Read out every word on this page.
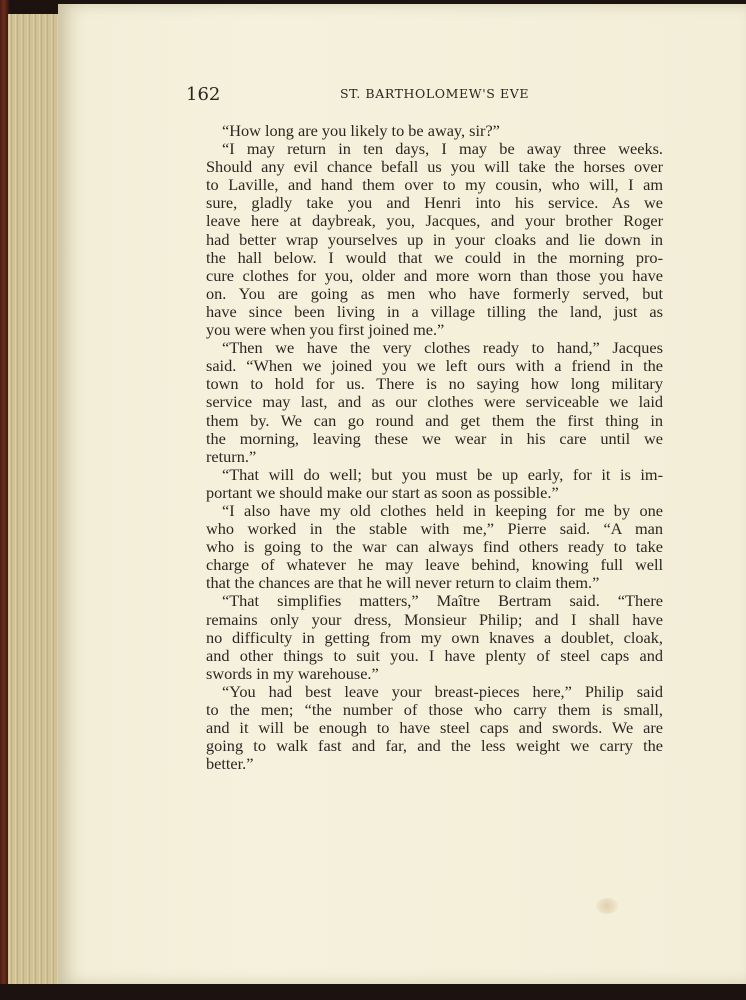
162	ST. BARTHOLOMEW'S EVE

“How long are you likely to be away, sir?”

“I may return in ten days, I may be away three weeks.
Should any evil chance befall us you will take the horses over
to Laville, and hand them over to my cousin, who will, I am
sure, gladly take you and Henri into his service. As we
leave here at daybreak, you, Jacques, and your brother Roger
had better wrap yourselves up in your cloaks and lie down in
the hall below. I would that we could in the morning pro-
cure clothes for you, older and more worn than those you have
on. You are going as men who have formerly served, but
have since been living in a village tilling the land, just as
you were when you first joined me.”

“Then we have the very clothes ready to hand,” Jacques
said. “When we joined you we left ours with a friend in the
town to hold for us. There is no saying how long military
service may last, and as our clothes were serviceable we laid
them by. We can go round and get them the first thing in
the morning, leaving these we wear in his care until we
return.”

“That will do well; but you must be up early, for it is im-
portant we should make our start as soon as possible.”

“I also have my old clothes held in keeping for me by one
who worked in the stable with me,” Pierre said. “A man
who is going to the war can always find others ready to take
charge of whatever he may leave behind, knowing full well
that the chances are that he will never return to claim them.”

“That simplifies matters,” Maître Bertram said. “There
remains only your dress, Monsieur Philip; and I shall have
no difficulty in getting from my own knaves a doublet, cloak,
and other things to suit you. I have plenty of steel caps and
swords in my warehouse.”

“You had best leave your breast-pieces here,” Philip said
to the men; “the number of those who carry them is small,
and it will be enough to have steel caps and swords. We are
going to walk fast and far, and the less weight we carry the
better.”
